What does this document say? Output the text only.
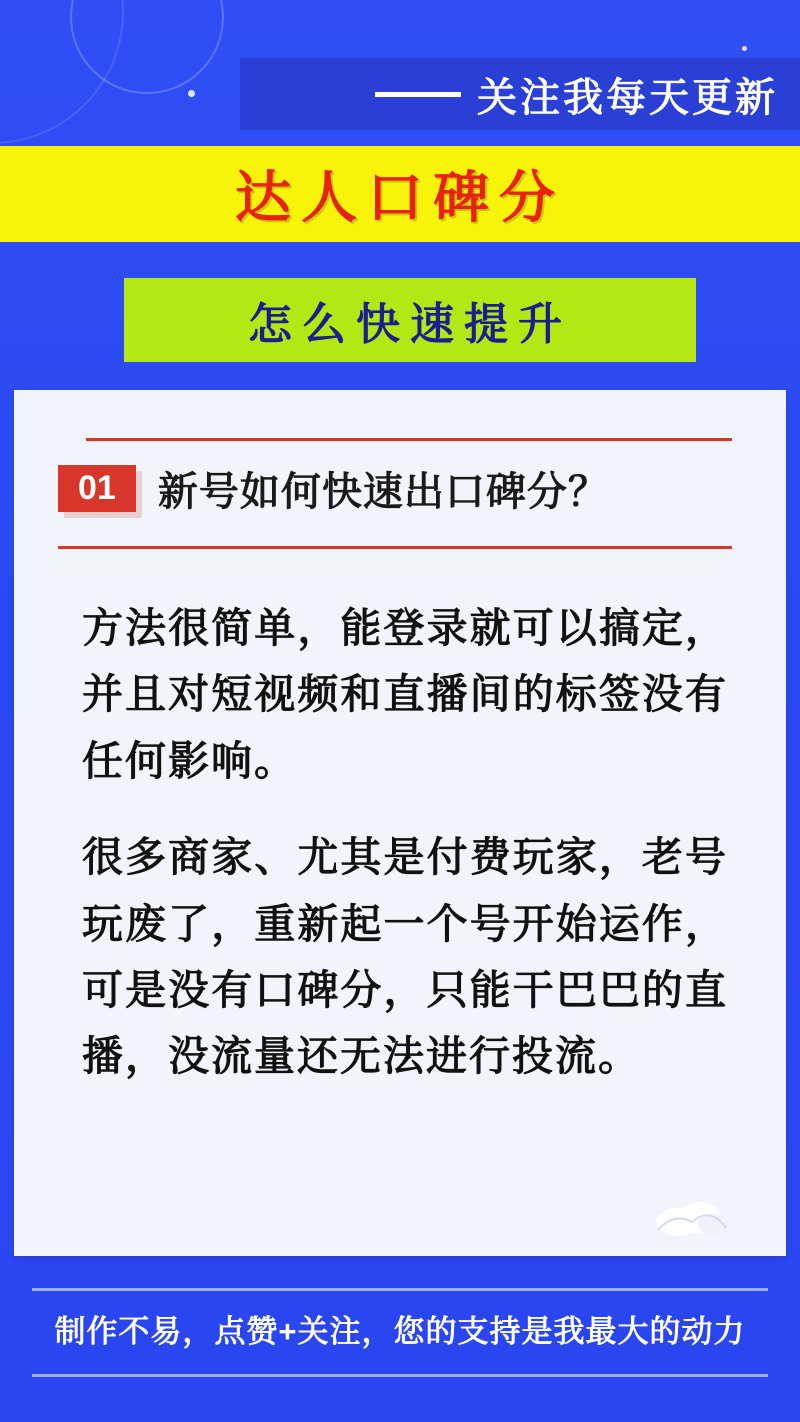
关注我每天更新
达人口碑分
怎么快速提升
01	新号如何快速出口碑分？

方法很简单，能登录就可以搞定，并且对短视频和直播间的标签没有任何影响。

很多商家、尤其是付费玩家，老号玩废了，重新起一个号开始运作，可是没有口碑分，只能干巴巴的直播，没流量还无法进行投流。

制作不易，点赞+关注，您的支持是我最大的动力
